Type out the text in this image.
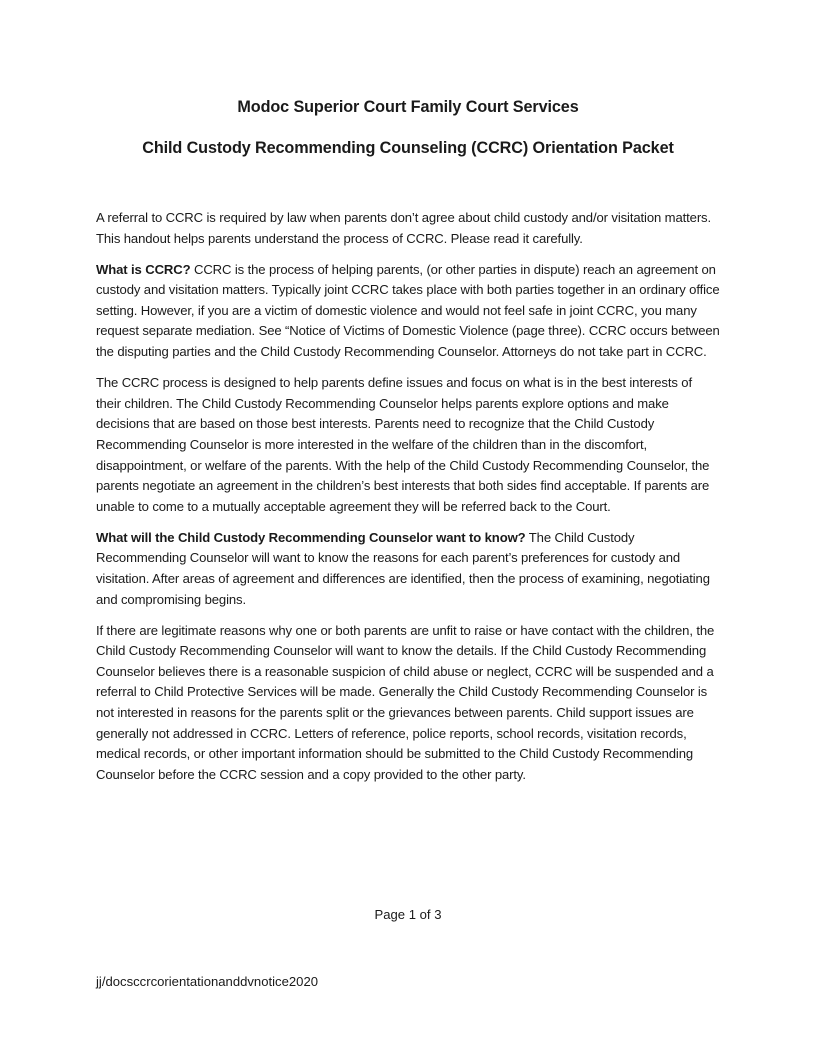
Modoc Superior Court Family Court Services
Child Custody Recommending Counseling (CCRC) Orientation Packet

A referral to CCRC is required by law when parents don’t agree about child custody and/or visitation matters. This handout helps parents understand the process of CCRC. Please read it carefully.

What is CCRC? CCRC is the process of helping parents, (or other parties in dispute) reach an agreement on custody and visitation matters. Typically joint CCRC takes place with both parties together in an ordinary office setting. However, if you are a victim of domestic violence and would not feel safe in joint CCRC, you many request separate mediation. See “Notice of Victims of Domestic Violence (page three). CCRC occurs between the disputing parties and the Child Custody Recommending Counselor. Attorneys do not take part in CCRC.

The CCRC process is designed to help parents define issues and focus on what is in the best interests of their children. The Child Custody Recommending Counselor helps parents explore options and make decisions that are based on those best interests. Parents need to recognize that the Child Custody Recommending Counselor is more interested in the welfare of the children than in the discomfort, disappointment, or welfare of the parents. With the help of the Child Custody Recommending Counselor, the parents negotiate an agreement in the children’s best interests that both sides find acceptable. If parents are unable to come to a mutually acceptable agreement they will be referred back to the Court.

What will the Child Custody Recommending Counselor want to know? The Child Custody Recommending Counselor will want to know the reasons for each parent’s preferences for custody and visitation. After areas of agreement and differences are identified, then the process of examining, negotiating and compromising begins.

If there are legitimate reasons why one or both parents are unfit to raise or have contact with the children, the Child Custody Recommending Counselor will want to know the details. If the Child Custody Recommending Counselor believes there is a reasonable suspicion of child abuse or neglect, CCRC will be suspended and a referral to Child Protective Services will be made. Generally the Child Custody Recommending Counselor is not interested in reasons for the parents split or the grievances between parents. Child support issues are generally not addressed in CCRC. Letters of reference, police reports, school records, visitation records, medical records, or other important information should be submitted to the Child Custody Recommending Counselor before the CCRC session and a copy provided to the other party.

Page 1 of 3

jj/docsccrcorientationanddvnotice2020
